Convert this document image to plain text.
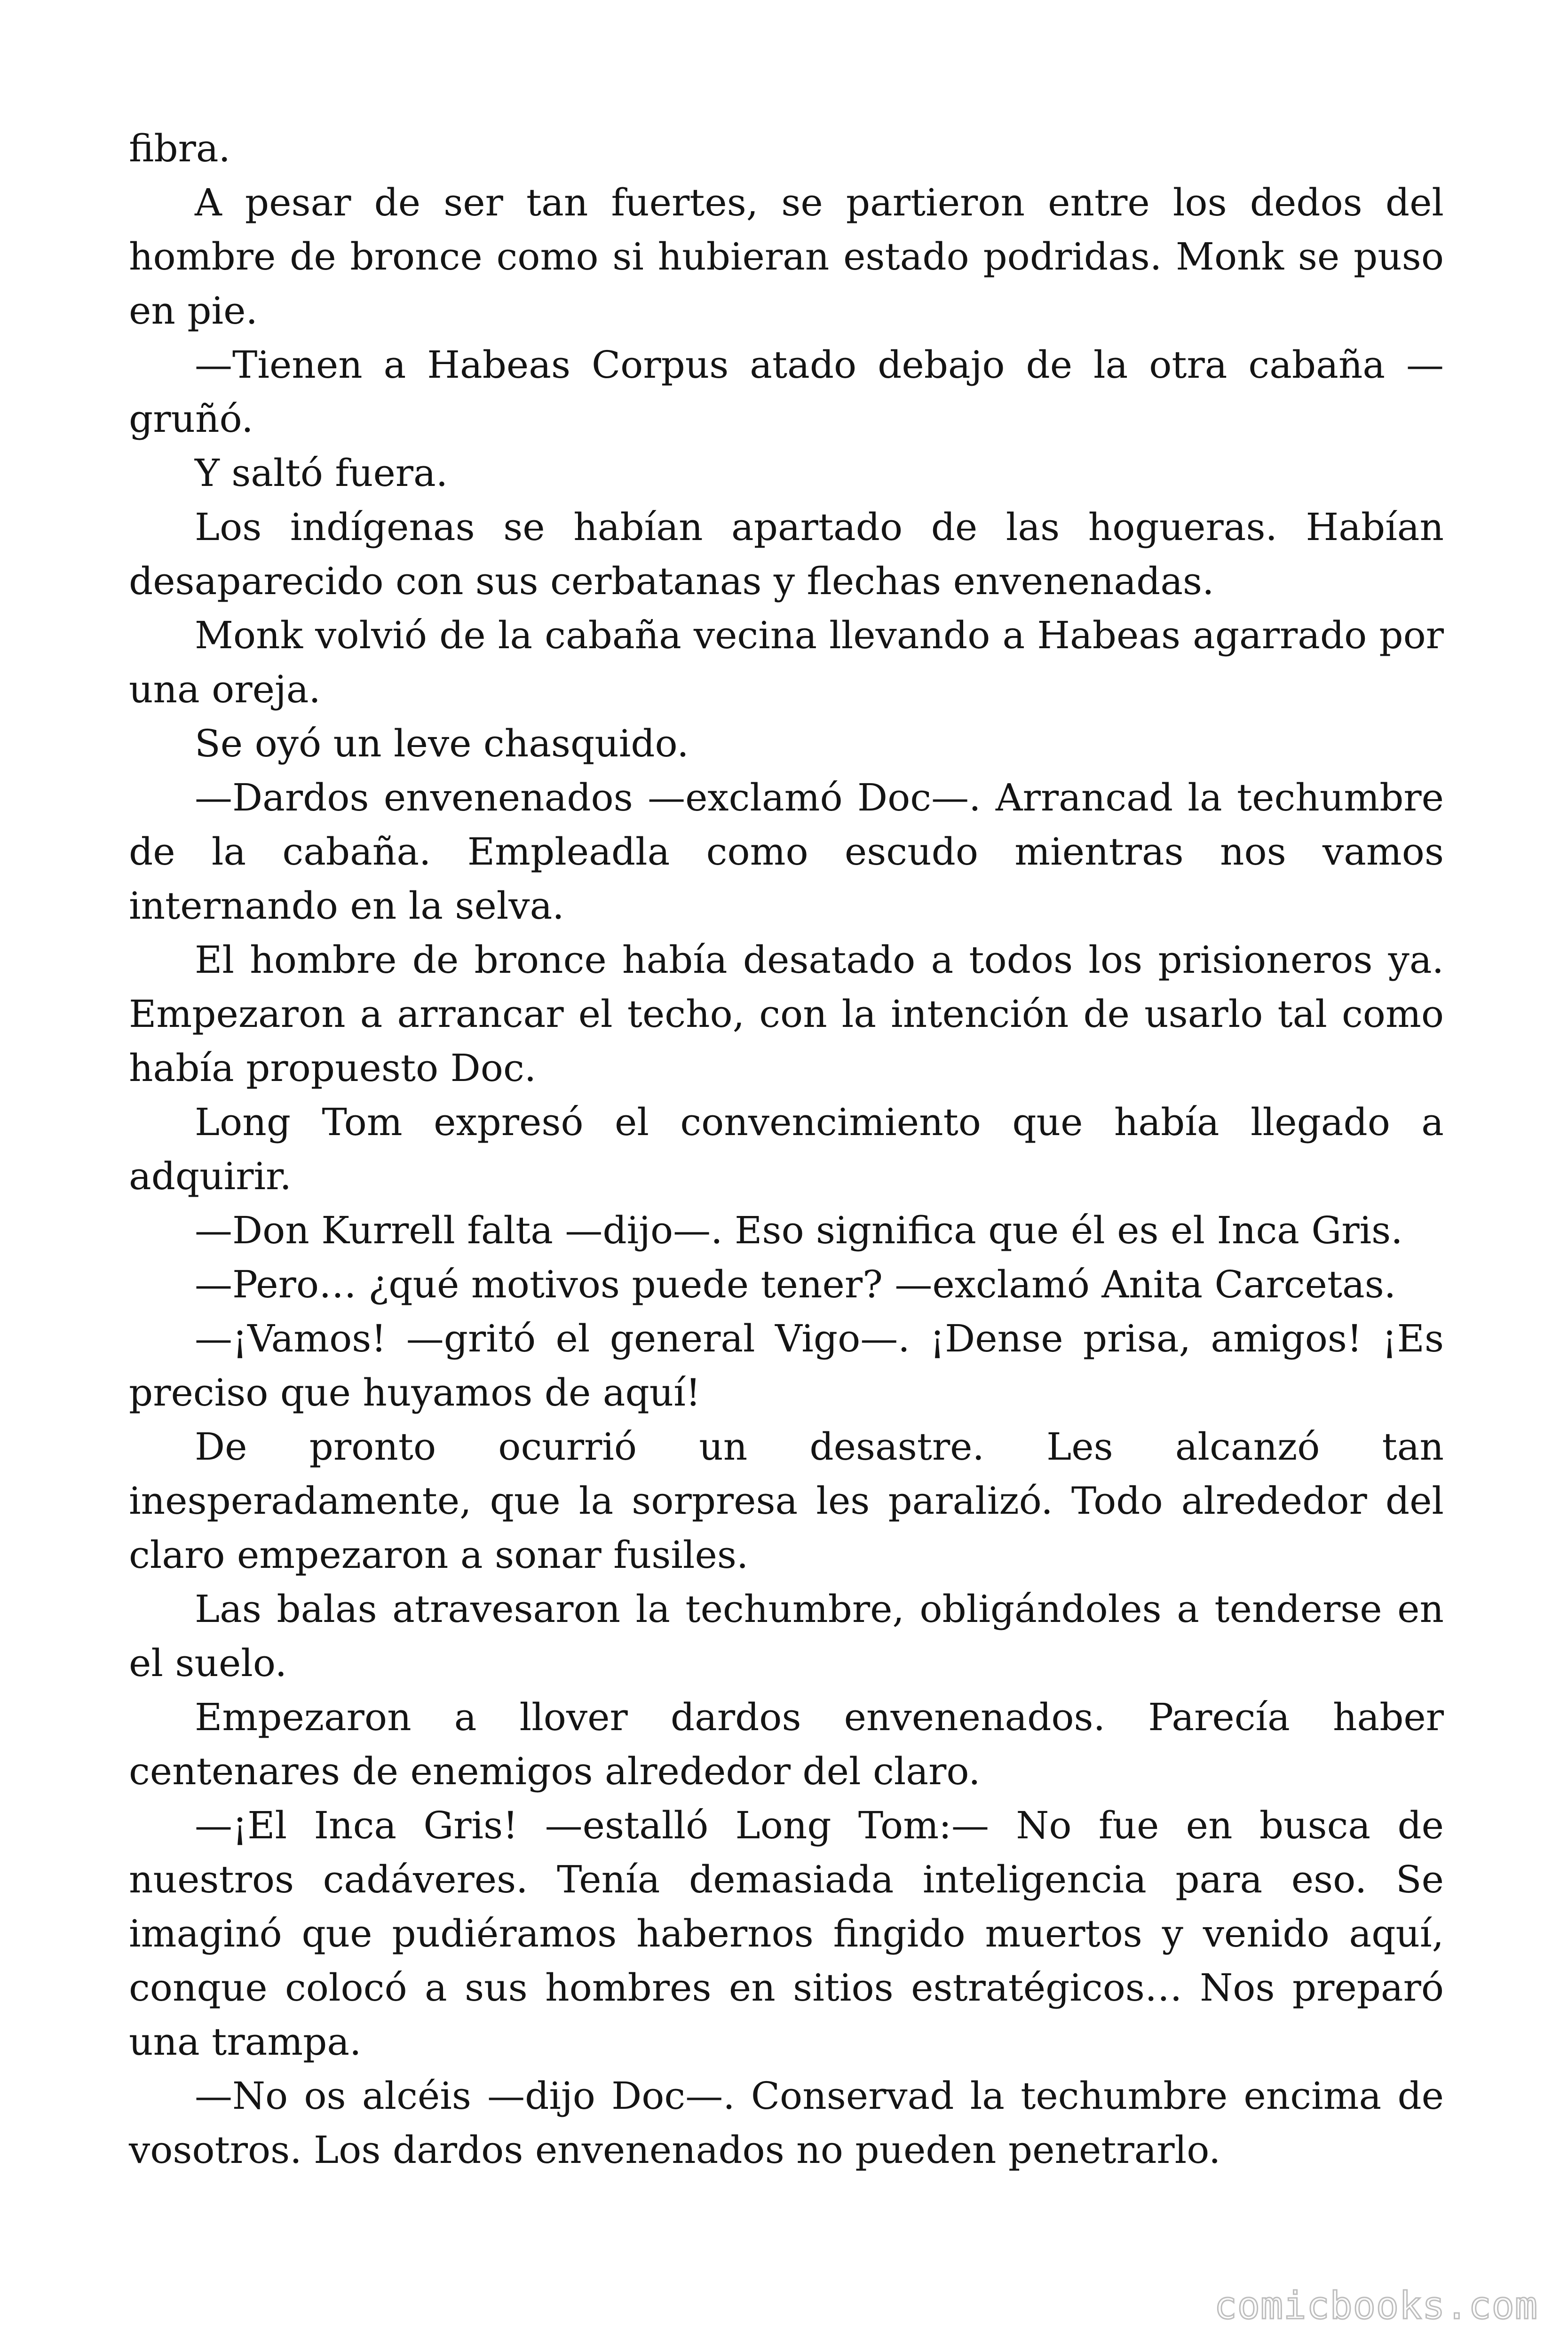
fibra.

A pesar de ser tan fuertes, se partieron entre los dedos del hombre de bronce como si hubieran estado podridas. Monk se puso en pie.

—Tienen a Habeas Corpus atado debajo de la otra cabaña —gruñó.

Y saltó fuera.

Los indígenas se habían apartado de las hogueras. Habían desaparecido con sus cerbatanas y flechas envenenadas.

Monk volvió de la cabaña vecina llevando a Habeas agarrado por una oreja.

Se oyó un leve chasquido.

—Dardos envenenados —exclamó Doc—. Arrancad la techumbre de la cabaña. Empleadla como escudo mientras nos vamos internando en la selva.

El hombre de bronce había desatado a todos los prisioneros ya. Empezaron a arrancar el techo, con la intención de usarlo tal como había propuesto Doc.

Long Tom expresó el convencimiento que había llegado a adquirir.

—Don Kurrell falta —dijo—. Eso significa que él es el Inca Gris.

—Pero… ¿qué motivos puede tener? —exclamó Anita Carcetas.

—¡Vamos! —gritó el general Vigo—. ¡Dense prisa, amigos! ¡Es preciso que huyamos de aquí!

De pronto ocurrió un desastre. Les alcanzó tan inesperadamente, que la sorpresa les paralizó. Todo alrededor del claro empezaron a sonar fusiles.

Las balas atravesaron la techumbre, obligándoles a tenderse en el suelo.

Empezaron a llover dardos envenenados. Parecía haber centenares de enemigos alrededor del claro.

—¡El Inca Gris! —estalló Long Tom:— No fue en busca de nuestros cadáveres. Tenía demasiada inteligencia para eso. Se imaginó que pudiéramos habernos fingido muertos y venido aquí, conque colocó a sus hombres en sitios estratégicos… Nos preparó una trampa.

—No os alcéis —dijo Doc—. Conservad la techumbre encima de vosotros. Los dardos envenenados no pueden penetrarlo.

comicbooks.com
